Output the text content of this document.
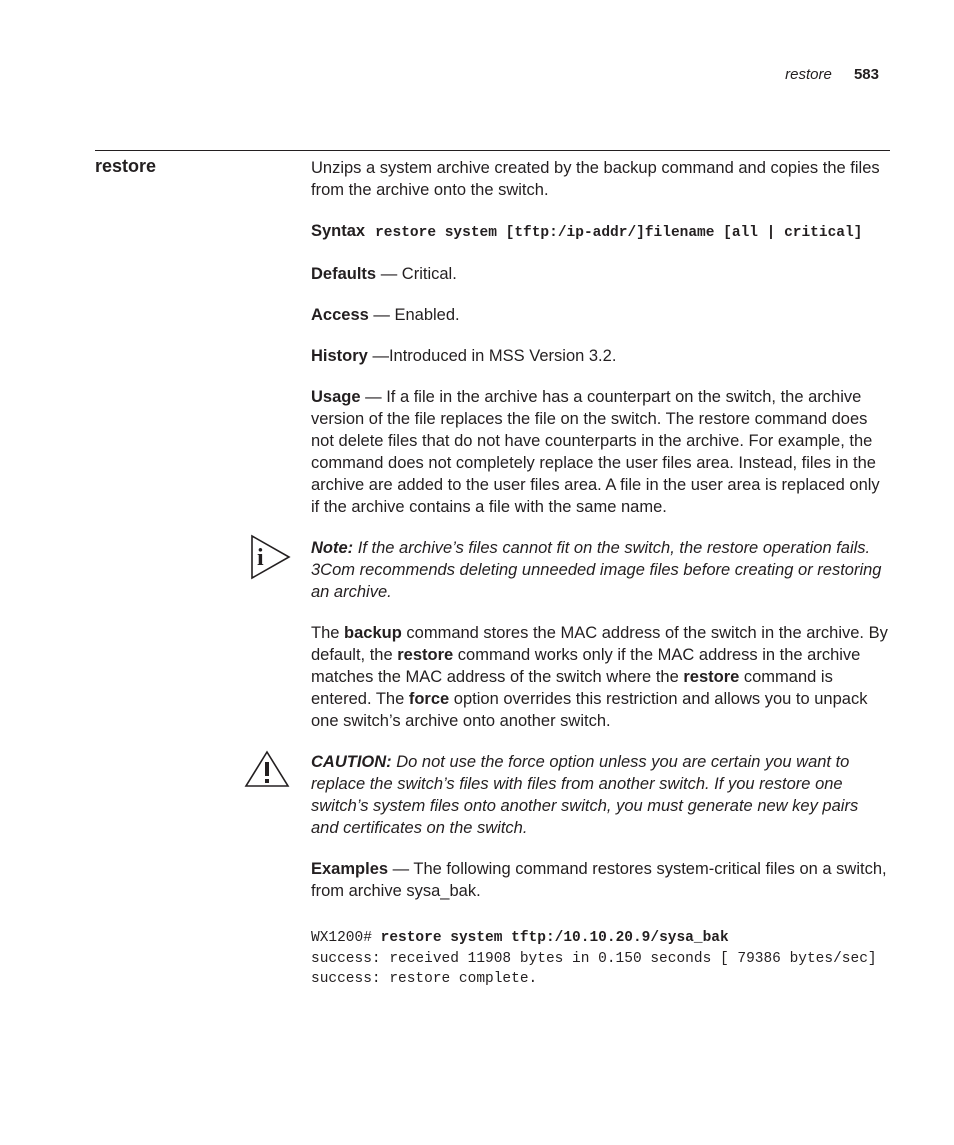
restore 583
restore	Unzips a system archive created by the backup command and copies the files from the archive onto the switch.

Syntax restore system [tftp:/ip-addr/]filename [all | critical]

Defaults — Critical.

Access — Enabled.

History —Introduced in MSS Version 3.2.

Usage — If a file in the archive has a counterpart on the switch, the archive version of the file replaces the file on the switch. The restore command does not delete files that do not have counterparts in the archive. For example, the command does not completely replace the user files area. Instead, files in the archive are added to the user files area. A file in the user area is replaced only if the archive contains a file with the same name.

i	Note: If the archive’s files cannot fit on the switch, the restore operation fails. 3Com recommends deleting unneeded image files before creating or restoring an archive.

The backup command stores the MAC address of the switch in the archive. By default, the restore command works only if the MAC address in the archive matches the MAC address of the switch where the restore command is entered. The force option overrides this restriction and allows you to unpack one switch’s archive onto another switch.

CAUTION: Do not use the force option unless you are certain you want to replace the switch’s files with files from another switch. If you restore one switch’s system files onto another switch, you must generate new key pairs and certificates on the switch.

Examples — The following command restores system-critical files on a switch, from archive sysa_bak.

WX1200# restore system tftp:/10.10.20.9/sysa_bak
success: received 11908 bytes in 0.150 seconds [ 79386 bytes/sec]
success: restore complete.
